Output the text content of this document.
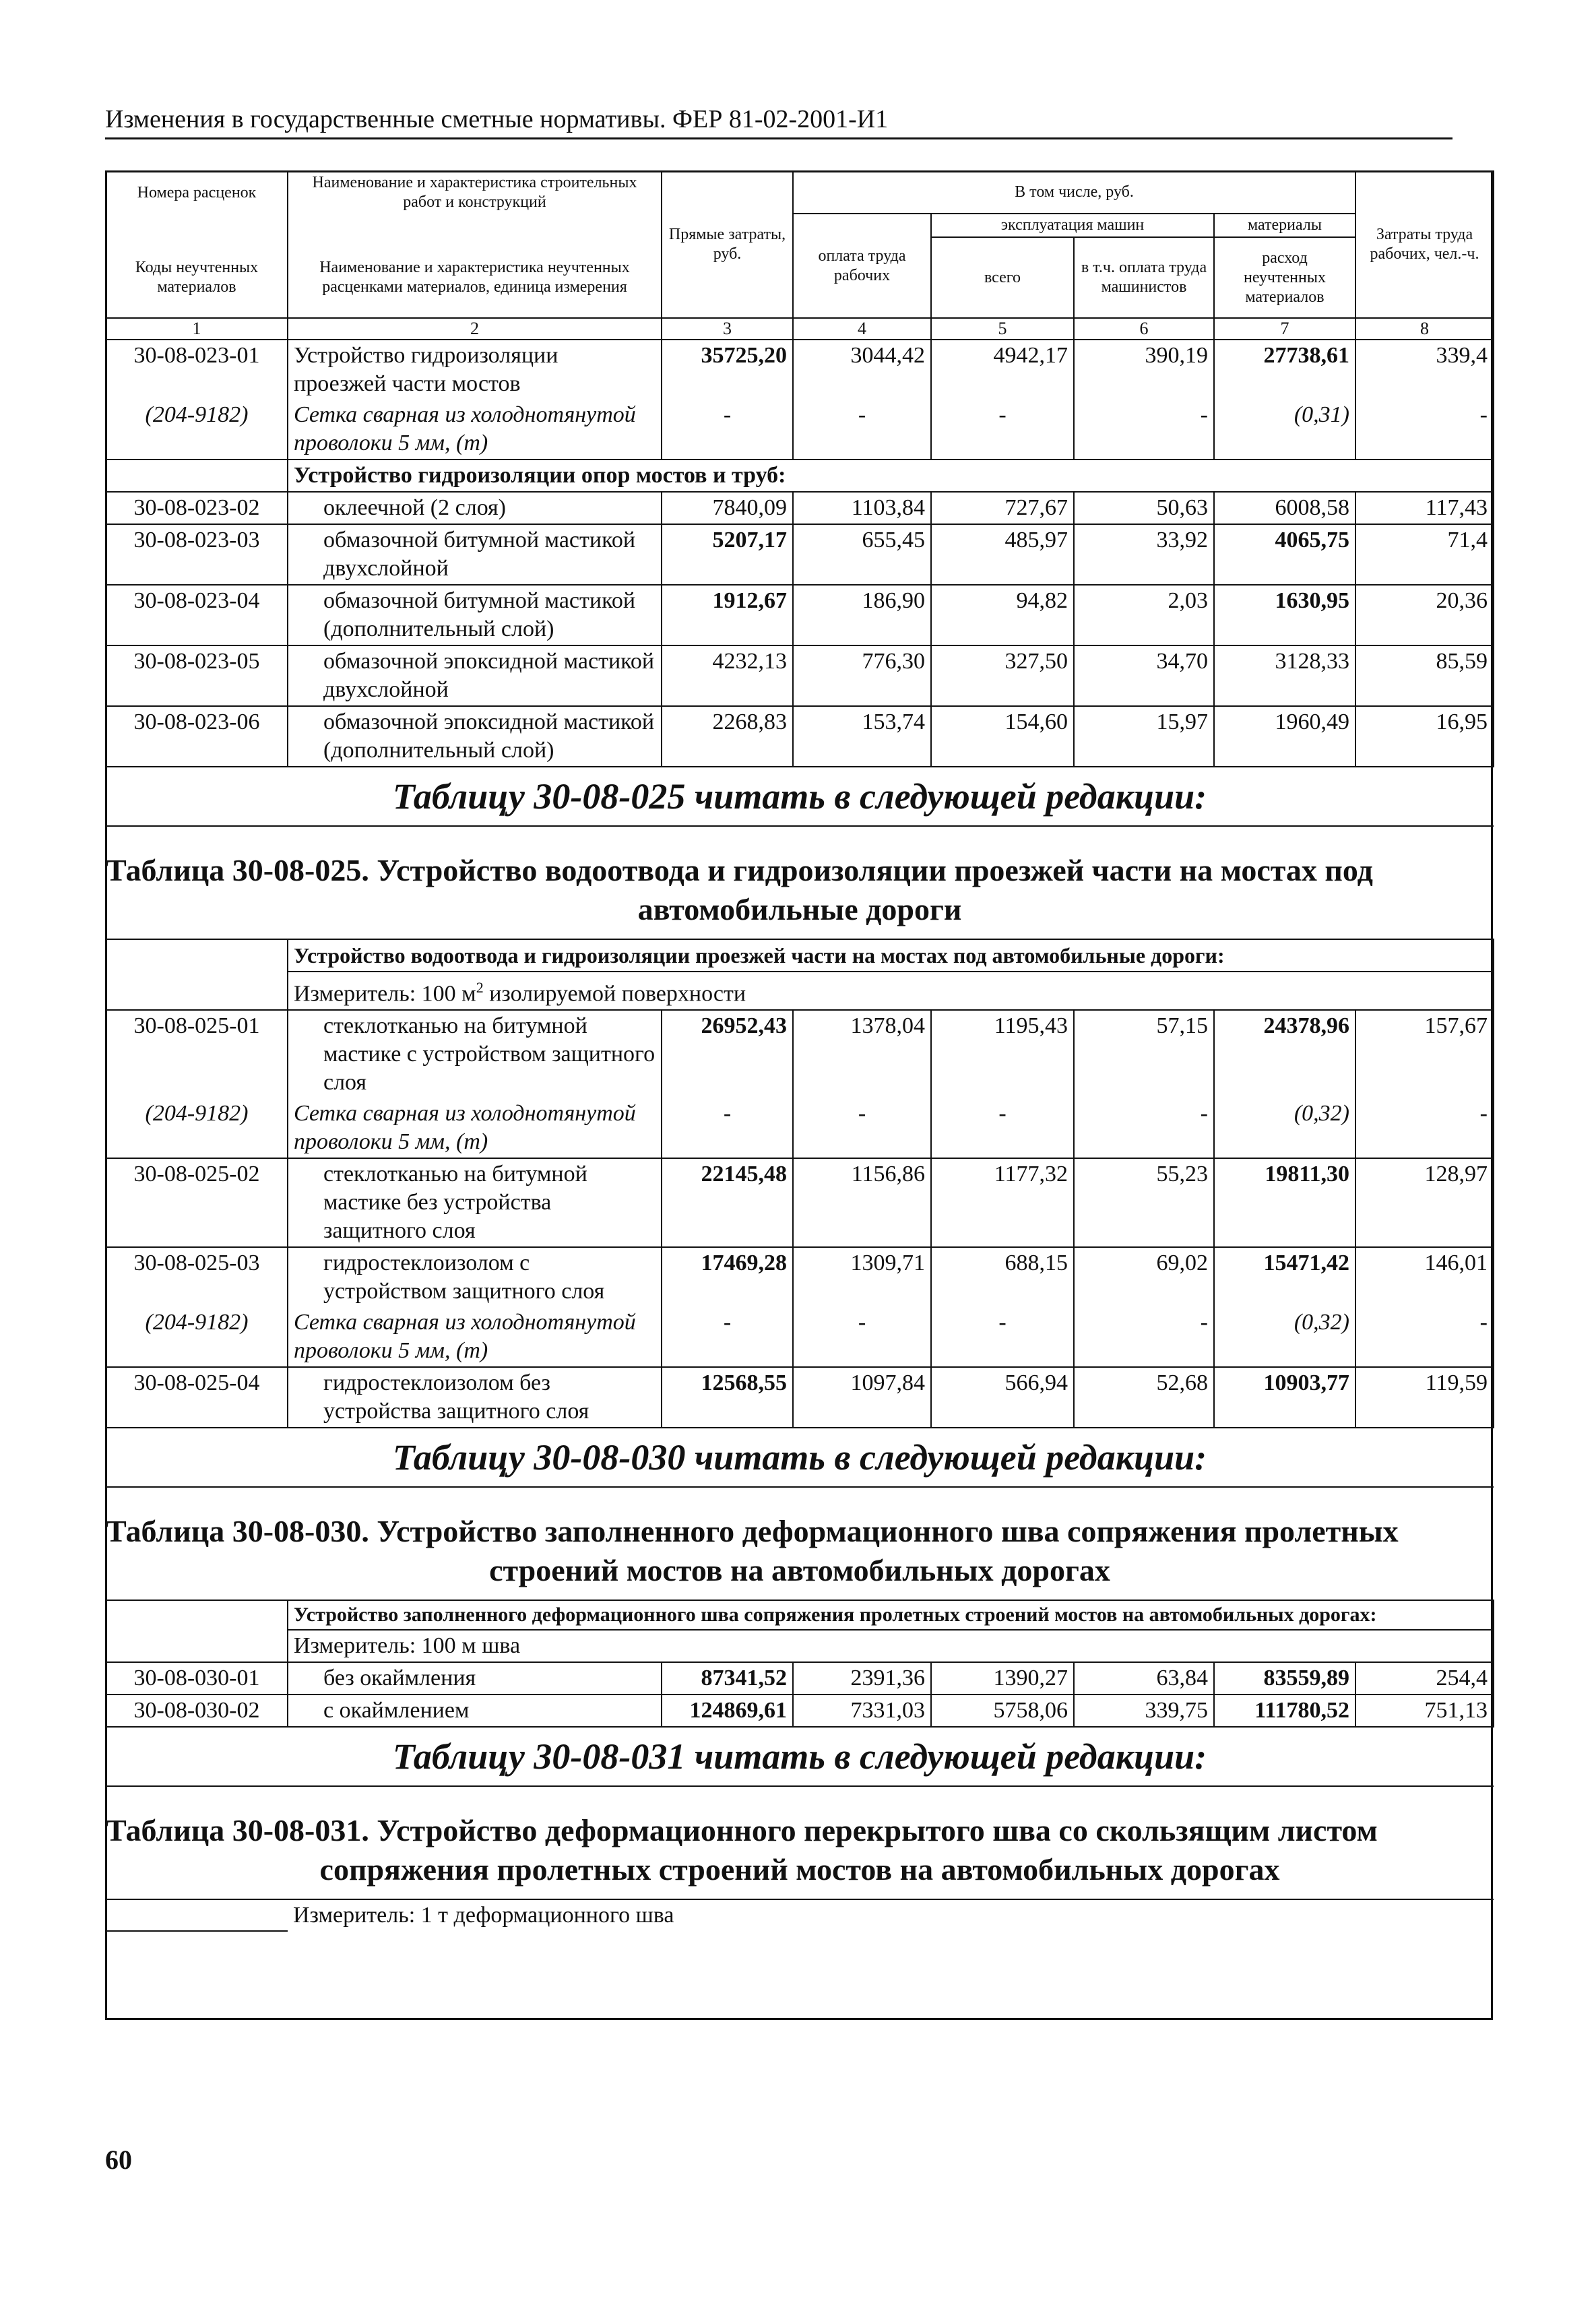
Изменения в государственные сметные нормативы. ФЕР 81-02-2001-И1
Номера расценок	Наименование и характеристика строительных работ и конструкций	Прямые затраты, руб.	В том числе, руб.				Затраты труда рабочих, чел.-ч.
			оплата труда рабочих	эксплуатация машин		материалы	
Коды неучтенных материалов	Наименование и характеристика неучтенных расценками материалов, единица измерения			всего	в т.ч. оплата труда машинистов	расход неучтенных материалов	

1	2	3	4	5	6	7	8
30-08-023-01	Устройство гидроизоляции проезжей части мостов	35725,20	3044,42	4942,17	390,19	27738,61	339,4
(204-9182)	Сетка сварная из холоднотянутой проволоки 5 мм, (т)	-	-	-	-	(0,31)	-
	Устройство гидроизоляции опор мостов и труб:						
30-08-023-02	оклеечной (2 слоя)	7840,09	1103,84	727,67	50,63	6008,58	117,43
30-08-023-03	обмазочной битумной мастикой двухслойной	5207,17	655,45	485,97	33,92	4065,75	71,4
30-08-023-04	обмазочной битумной мастикой (дополнительный слой)	1912,67	186,90	94,82	2,03	1630,95	20,36
30-08-023-05	обмазочной эпоксидной мастикой двухслойной	4232,13	776,30	327,50	34,70	3128,33	85,59
30-08-023-06	обмазочной эпоксидной мастикой (дополнительный слой)	2268,83	153,74	154,60	15,97	1960,49	16,95
Таблицу 30-08-025 читать в следующей редакции:							
Таблица 30-08-025. Устройство водоотвода и гидроизоляции проезжей части на мостах под
автомобильные дороги							

	Устройство водоотвода и гидроизоляции проезжей части на мостах под автомобильные дороги:						
	Измеритель: 100 $м^2$ изолируемой поверхности						
30-08-025-01	стеклотканью на битумной мастике с устройством защитного слоя	26952,43	1378,04	1195,43	57,15	24378,96	157,67
(204-9182)	Сетка сварная из холоднотянутой проволоки 5 мм, (т)	-	-	-	-	(0,32)	-
30-08-025-02	стеклотканью на битумной мастике без устройства защитного слоя	22145,48	1156,86	1177,32	55,23	19811,30	128,97
30-08-025-03	гидростеклоизолом с устройством защитного слоя	17469,28	1309,71	688,15	69,02	15471,42	146,01
(204-9182)	Сетка сварная из холоднотянутой проволоки 5 мм, (т)	-	-	-	-	(0,32)	-
30-08-025-04	гидростеклоизолом без устройства защитного слоя	12568,55	1097,84	566,94	52,68	10903,77	119,59
Таблицу 30-08-030 читать в следующей редакции:							
Таблица 30-08-030. Устройство заполненного деформационного шва сопряжения пролетных
строений мостов на автомобильных дорогах							

	Устройство заполненного деформационного шва сопряжения пролетных строений мостов на автомобильных дорогах:						
	Измеритель: 100 м шва						
30-08-030-01	без окаймления	87341,52	2391,36	1390,27	63,84	83559,89	254,4
30-08-030-02	с окаймлением	124869,61	7331,03	5758,06	339,75	111780,52	751,13
Таблицу 30-08-031 читать в следующей редакции:							
Таблица 30-08-031. Устройство деформационного перекрытого шва со скользящим листом
сопряжения пролетных строений мостов на автомобильных дорогах							

	Измеритель: 1 т деформационного шва						
60
